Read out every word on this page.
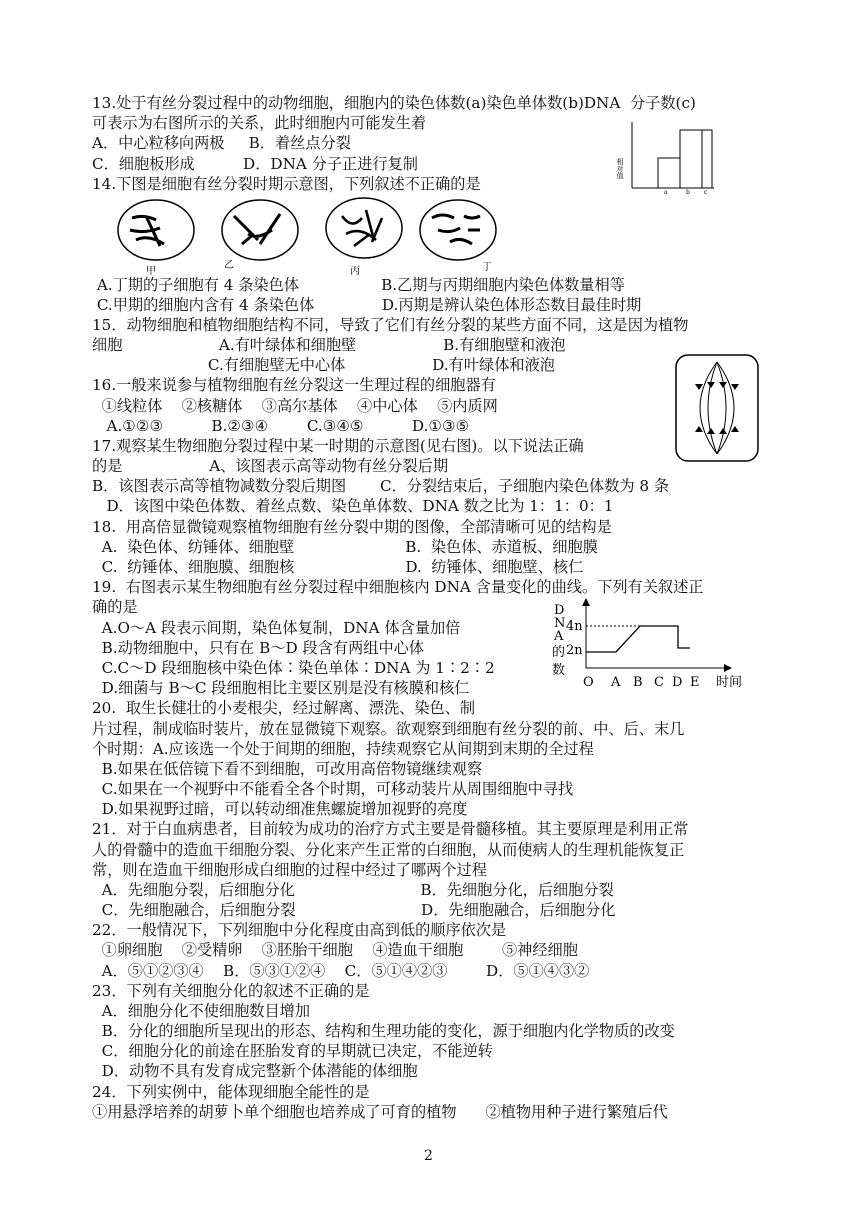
13.处于有丝分裂过程中的动物细胞，细胞内的染色体数(a)染色单体数(b)DNA  分子数(c)
可表示为右图所示的关系，此时细胞内可能发生着
A．中心粒移向两极     B．着丝点分裂
C．细胞板形成          D．DNA 分子正进行复制
14.下图是细胞有丝分裂时期示意图，下列叙述不正确的是
A.丁期的子细胞有 4 条染色体                 B.乙期与丙期细胞内染色体数量相等
C.甲期的细胞内含有 4 条染色体              D.丙期是辨认染色体形态数目最佳时期
15．动物细胞和植物细胞结构不同，导致了它们有丝分裂的某些方面不同，这是因为植物
细胞                    A.有叶绿体和细胞壁                  B.有细胞壁和液泡
C.有细胞壁无中心体                  D.有叶绿体和液泡
16.一般来说参与植物细胞有丝分裂这一生理过程的细胞器有
①线粒体    ②核糖体    ③高尔基体    ④中心体    ⑤内质网
A.①②③          B.②③④        C.③④⑤          D.①③⑤
17.观察某生物细胞分裂过程中某一时期的示意图(见右图)。以下说法正确
的是                  A、该图表示高等动物有丝分裂后期
B．该图表示高等植物减数分裂后期图       C．分裂结束后，子细胞内染色体数为 8 条
D．该图中染色体数、着丝点数、染色单体数、DNA 数之比为 1：1：0：1
18.  用高倍显微镜观察植物细胞有丝分裂中期的图像，全部清晰可见的结构是
A.  染色体、纺锤体、细胞壁                       B.  染色体、赤道板、细胞膜
C.  纺锤体、细胞膜、细胞核                       D.  纺锤体、细胞壁、核仁
19.  右图表示某生物细胞有丝分裂过程中细胞核内 DNA 含量变化的曲线。下列有关叙述正
确的是
A.O～A 段表示间期，染色体复制，DNA 体含量加倍
B.动物细胞中，只有在 B～D 段含有两组中心体
C.C～D 段细胞核中染色体∶染色单体∶DNA 为 1∶2∶2
D.细菌与 B～C 段细胞相比主要区别是没有核膜和核仁
20.  取生长健壮的小麦根尖，经过解离、漂洗、染色、制
片过程，制成临时装片，放在显微镜下观察。欲观察到细胞有丝分裂的前、中、后、末几
个时期：A.应该选一个处于间期的细胞，持续观察它从间期到末期的全过程
B.如果在低倍镜下看不到细胞，可改用高倍物镜继续观察
C.如果在一个视野中不能看全各个时期，可移动装片从周围细胞中寻找
D.如果视野过暗，可以转动细准焦螺旋增加视野的亮度
21．对于白血病患者，目前较为成功的治疗方式主要是骨髓移植。其主要原理是利用正常
人的骨髓中的造血干细胞分裂、分化来产生正常的白细胞，从而使病人的生理机能恢复正
常，则在造血干细胞形成白细胞的过程中经过了哪两个过程
A．先细胞分裂，后细胞分化                          B．先细胞分化，后细胞分裂
C．先细胞融合，后细胞分裂                          D．先细胞融合，后细胞分化
22．一般情况下，下列细胞中分化程度由高到低的顺序依次是
①卵细胞    ②受精卵    ③胚胎干细胞    ④造血干细胞        ⑤神经细胞
A．⑤①②③④    B．⑤③①②④    C．⑤①④②③        D．⑤①④③②
23．下列有关细胞分化的叙述不正确的是
A．细胞分化不使细胞数目增加
B．分化的细胞所呈现出的形态、结构和生理功能的变化，源于细胞内化学物质的改变
C．细胞分化的前途在胚胎发育的早期就已决定，不能逆转
D．动物不具有发育成完整新个体潜能的体细胞
24．下列实例中，能体现细胞全能性的是
①用悬浮培养的胡萝卜单个细胞也培养成了可育的植物      ②植物用种子进行繁殖后代
相对值
a	b c
甲
乙
丙	丁
D
N
A
4n
2n
的
数
O A B C D E 时间
2
